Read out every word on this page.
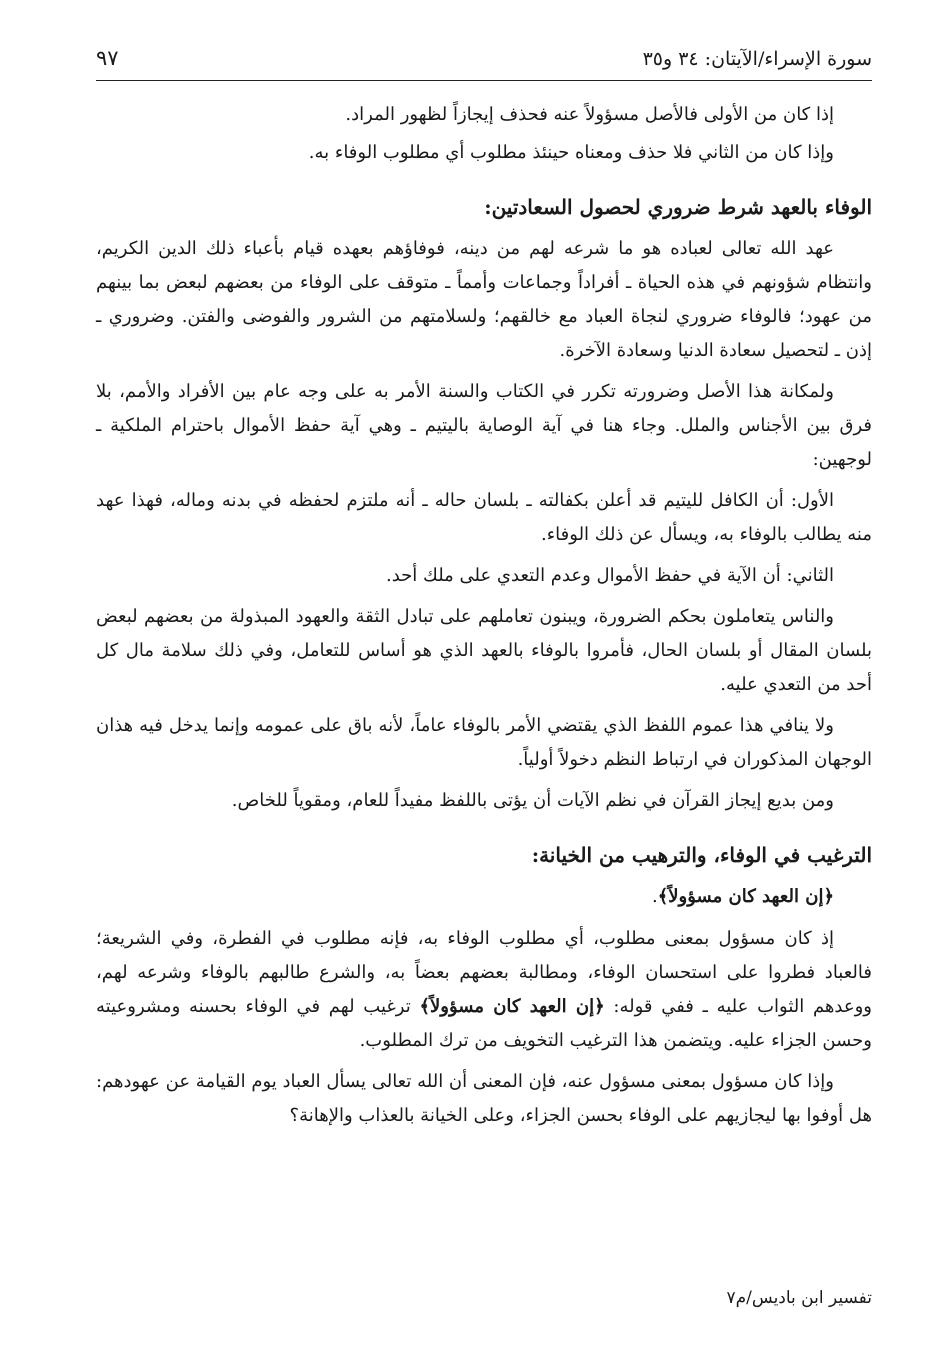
سورة الإسراء/الآيتان: ٣٤ و٣٥
٩٧

إذا كان من الأولى فالأصل مسؤولاً عنه فحذف إيجازاً لظهور المراد.

وإذا كان من الثاني فلا حذف ومعناه حينئذ مطلوب أي مطلوب الوفاء به.

الوفاء بالعهد شرط ضروري لحصول السعادتين:

عهد الله تعالى لعباده هو ما شرعه لهم من دينه، فوفاؤهم بعهده قيام بأعباء ذلك الدين الكريم، وانتظام شؤونهم في هذه الحياة ـ أفراداً وجماعات وأمماً ـ متوقف على الوفاء من بعضهم لبعض بما بينهم من عهود؛ فالوفاء ضروري لنجاة العباد مع خالقهم؛ ولسلامتهم من الشرور والفوضى والفتن. وضروري ـ إذن ـ لتحصيل سعادة الدنيا وسعادة الآخرة.

ولمكانة هذا الأصل وضرورته تكرر في الكتاب والسنة الأمر به على وجه عام بين الأفراد والأمم، بلا فرق بين الأجناس والملل. وجاء هنا في آية الوصاية باليتيم ـ وهي آية حفظ الأموال باحترام الملكية ـ لوجهين:

الأول: أن الكافل لليتيم قد أعلن بكفالته ـ بلسان حاله ـ أنه ملتزم لحفظه في بدنه وماله، فهذا عهد منه يطالب بالوفاء به، ويسأل عن ذلك الوفاء.

الثاني: أن الآية في حفظ الأموال وعدم التعدي على ملك أحد.

والناس يتعاملون بحكم الضرورة، ويبنون تعاملهم على تبادل الثقة والعهود المبذولة من بعضهم لبعض بلسان المقال أو بلسان الحال، فأمروا بالوفاء بالعهد الذي هو أساس للتعامل، وفي ذلك سلامة مال كل أحد من التعدي عليه.

ولا ينافي هذا عموم اللفظ الذي يقتضي الأمر بالوفاء عاماً، لأنه باق على عمومه وإنما يدخل فيه هذان الوجهان المذكوران في ارتباط النظم دخولاً أولياً.

ومن بديع إيجاز القرآن في نظم الآيات أن يؤتى باللفظ مفيداً للعام، ومقوياً للخاص.

الترغيب في الوفاء، والترهيب من الخيانة:
﴿إن العهد كان مسؤولاً﴾.

إذ كان مسؤول بمعنى مطلوب، أي مطلوب الوفاء به، فإنه مطلوب في الفطرة، وفي الشريعة؛ فالعباد فطروا على استحسان الوفاء، ومطالبة بعضهم بعضاً به، والشرع طالبهم بالوفاء وشرعه لهم، ووعدهم الثواب عليه ـ ففي قوله: ﴿إن العهد كان مسؤولاً﴾ ترغيب لهم في الوفاء بحسنه ومشروعيته وحسن الجزاء عليه. ويتضمن هذا الترغيب التخويف من ترك المطلوب.

وإذا كان مسؤول بمعنى مسؤول عنه، فإن المعنى أن الله تعالى يسأل العباد يوم القيامة عن عهودهم: هل أوفوا بها ليجازيهم على الوفاء بحسن الجزاء، وعلى الخيانة بالعذاب والإهانة؟

تفسير ابن باديس/م٧
